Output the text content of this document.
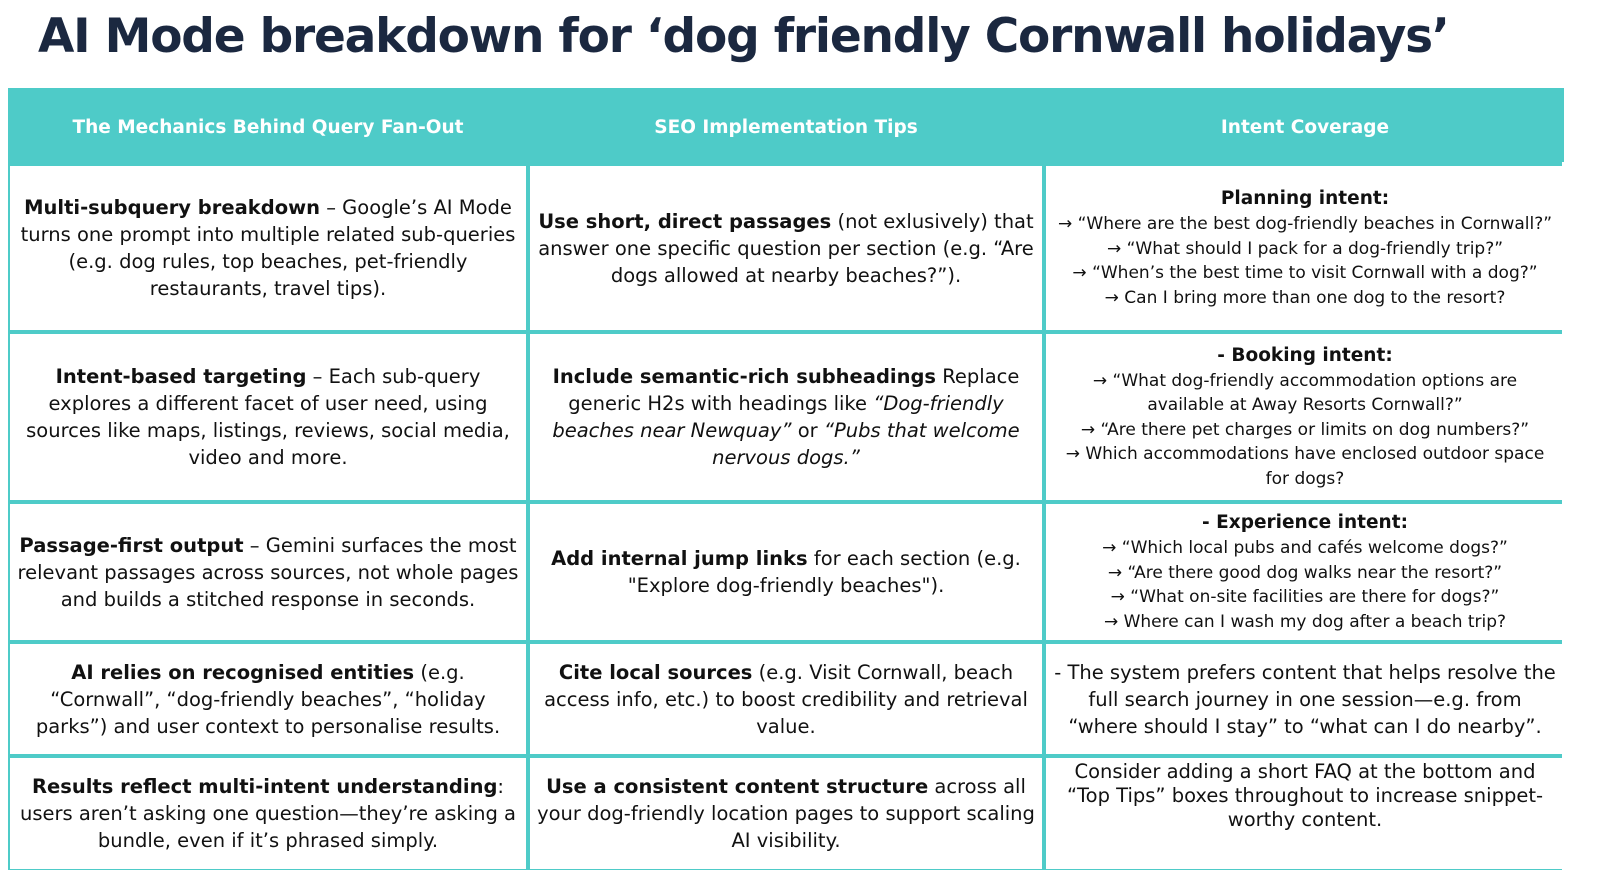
AI Mode breakdown for ‘dog friendly Cornwall holidays’
The Mechanics Behind Query Fan-Out	SEO Implementation Tips	Intent Coverage

Multi-subquery breakdown – Google’s AI Mode turns one prompt into multiple related sub-queries (e.g. dog rules, top beaches, pet-friendly restaurants, travel tips).

Use short, direct passages (not exlusively) that answer one specific question per section (e.g. “Are dogs allowed at nearby beaches?”).

Planning intent:

→ “Where are the best dog-friendly beaches in Cornwall?”

→ “What should I pack for a dog-friendly trip?”

→ “When’s the best time to visit Cornwall with a dog?”

→ Can I bring more than one dog to the resort?

Intent-based targeting – Each sub-query explores a different facet of user need, using sources like maps, listings, reviews, social media, video and more.

Include semantic-rich subheadings Replace generic H2s with headings like “Dog-friendly beaches near Newquay” or “Pubs that welcome nervous dogs.”

- Booking intent:

→ “What dog-friendly accommodation options are available at Away Resorts Cornwall?”

→ “Are there pet charges or limits on dog numbers?”

→ Which accommodations have enclosed outdoor space for dogs?

Passage-first output – Gemini surfaces the most relevant passages across sources, not whole pages and builds a stitched response in seconds.

Add internal jump links for each section (e.g. "Explore dog-friendly beaches").

- Experience intent:

→ “Which local pubs and cafés welcome dogs?”

→ “Are there good dog walks near the resort?”

→ “What on-site facilities are there for dogs?”

→ Where can I wash my dog after a beach trip?

AI relies on recognised entities (e.g. “Cornwall”, “dog-friendly beaches”, “holiday parks”) and user context to personalise results.

Cite local sources (e.g. Visit Cornwall, beach access info, etc.) to boost credibility and retrieval value.

- The system prefers content that helps resolve the full search journey in one session—e.g. from “where should I stay” to “what can I do nearby”.

Results reflect multi-intent understanding: users aren’t asking one question—they’re asking a bundle, even if it’s phrased simply.

Use a consistent content structure across all your dog-friendly location pages to support scaling AI visibility.

Consider adding a short FAQ at the bottom and “Top Tips” boxes throughout to increase snippet-worthy content.
